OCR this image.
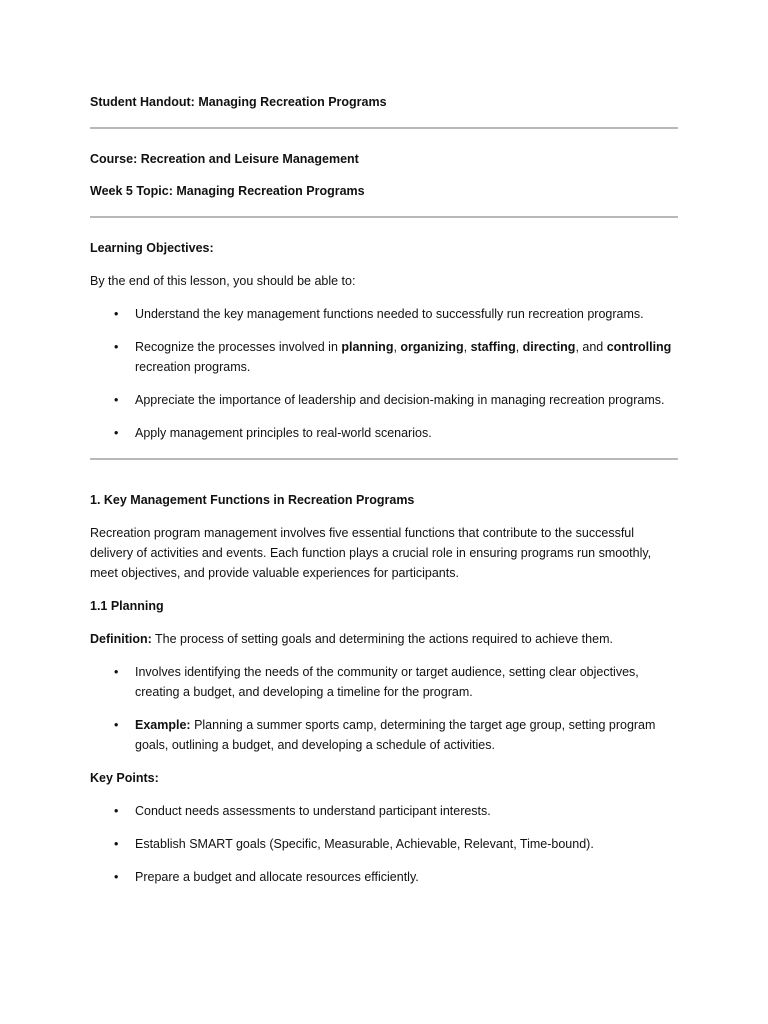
Student Handout: Managing Recreation Programs

Course: Recreation and Leisure Management

Week 5 Topic: Managing Recreation Programs

Learning Objectives:

By the end of this lesson, you should be able to:

• Understand the key management functions needed to successfully run recreation programs.
• Recognize the processes involved in planning, organizing, staffing, directing, and controlling
recreation programs.
• Appreciate the importance of leadership and decision-making in managing recreation programs.
• Apply management principles to real-world scenarios.

1. Key Management Functions in Recreation Programs

Recreation program management involves five essential functions that contribute to the successful
delivery of activities and events. Each function plays a crucial role in ensuring programs run smoothly,
meet objectives, and provide valuable experiences for participants.

1.1 Planning

Definition: The process of setting goals and determining the actions required to achieve them.

• Involves identifying the needs of the community or target audience, setting clear objectives,
creating a budget, and developing a timeline for the program.
• Example: Planning a summer sports camp, determining the target age group, setting program
goals, outlining a budget, and developing a schedule of activities.

Key Points:

• Conduct needs assessments to understand participant interests.
• Establish SMART goals (Specific, Measurable, Achievable, Relevant, Time-bound).
• Prepare a budget and allocate resources efficiently.
